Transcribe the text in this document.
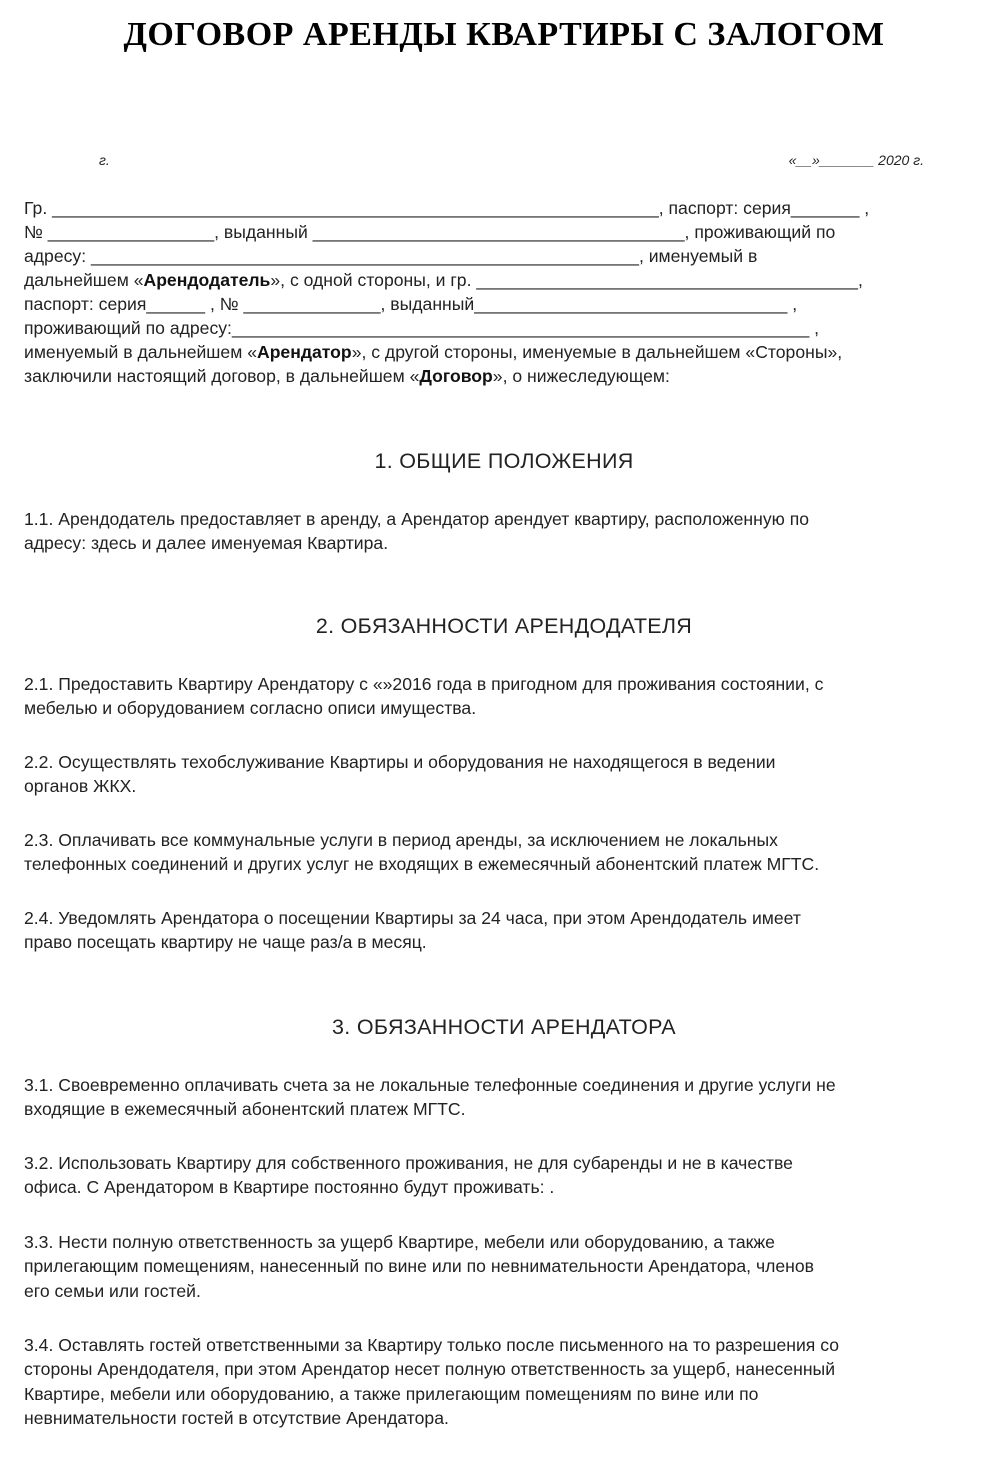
ДОГОВОР АРЕНДЫ КВАРТИРЫ С ЗАЛОГОМ
г.	«__»_______ 2020 г.
Гр. ______________________________________________________________, паспорт: серия_______ ,
№ _________________, выданный ______________________________________, проживающий по
адресу: ________________________________________________________, именуемый в
дальнейшем «Арендодатель», с одной стороны, и гр. _______________________________________,
паспорт: серия______ , № ______________, выданный________________________________ ,
проживающий по адресу:___________________________________________________________ ,
именуемый в дальнейшем «Арендатор», с другой стороны, именуемые в дальнейшем «Стороны»,
заключили настоящий договор, в дальнейшем «Договор», о нижеследующем:
1. ОБЩИЕ ПОЛОЖЕНИЯ
1.1. Арендодатель предоставляет в аренду, а Арендатор арендует квартиру, расположенную по
адресу: здесь и далее именуемая Квартира.
2. ОБЯЗАННОСТИ АРЕНДОДАТЕЛЯ
2.1. Предоставить Квартиру Арендатору с «»2016 года в пригодном для проживания состоянии, с
мебелью и оборудованием согласно описи имущества.
2.2. Осуществлять техобслуживание Квартиры и оборудования не находящегося в ведении
органов ЖКХ.
2.3. Оплачивать все коммунальные услуги в период аренды, за исключением не локальных
телефонных соединений и других услуг не входящих в ежемесячный абонентский платеж МГТС.
2.4. Уведомлять Арендатора о посещении Квартиры за 24 часа, при этом Арендодатель имеет
право посещать квартиру не чаще раз/а в месяц.
3. ОБЯЗАННОСТИ АРЕНДАТОРА
3.1. Своевременно оплачивать счета за не локальные телефонные соединения и другие услуги не
входящие в ежемесячный абонентский платеж МГТС.
3.2. Использовать Квартиру для собственного проживания, не для субаренды и не в качестве
офиса. С Арендатором в Квартире постоянно будут проживать: .
3.3. Нести полную ответственность за ущерб Квартире, мебели или оборудованию, а также
прилегающим помещениям, нанесенный по вине или по невнимательности Арендатора, членов
его семьи или гостей.
3.4. Оставлять гостей ответственными за Квартиру только после письменного на то разрешения со
стороны Арендодателя, при этом Арендатор несет полную ответственность за ущерб, нанесенный
Квартире, мебели или оборудованию, а также прилегающим помещениям по вине или по
невнимательности гостей в отсутствие Арендатора.
